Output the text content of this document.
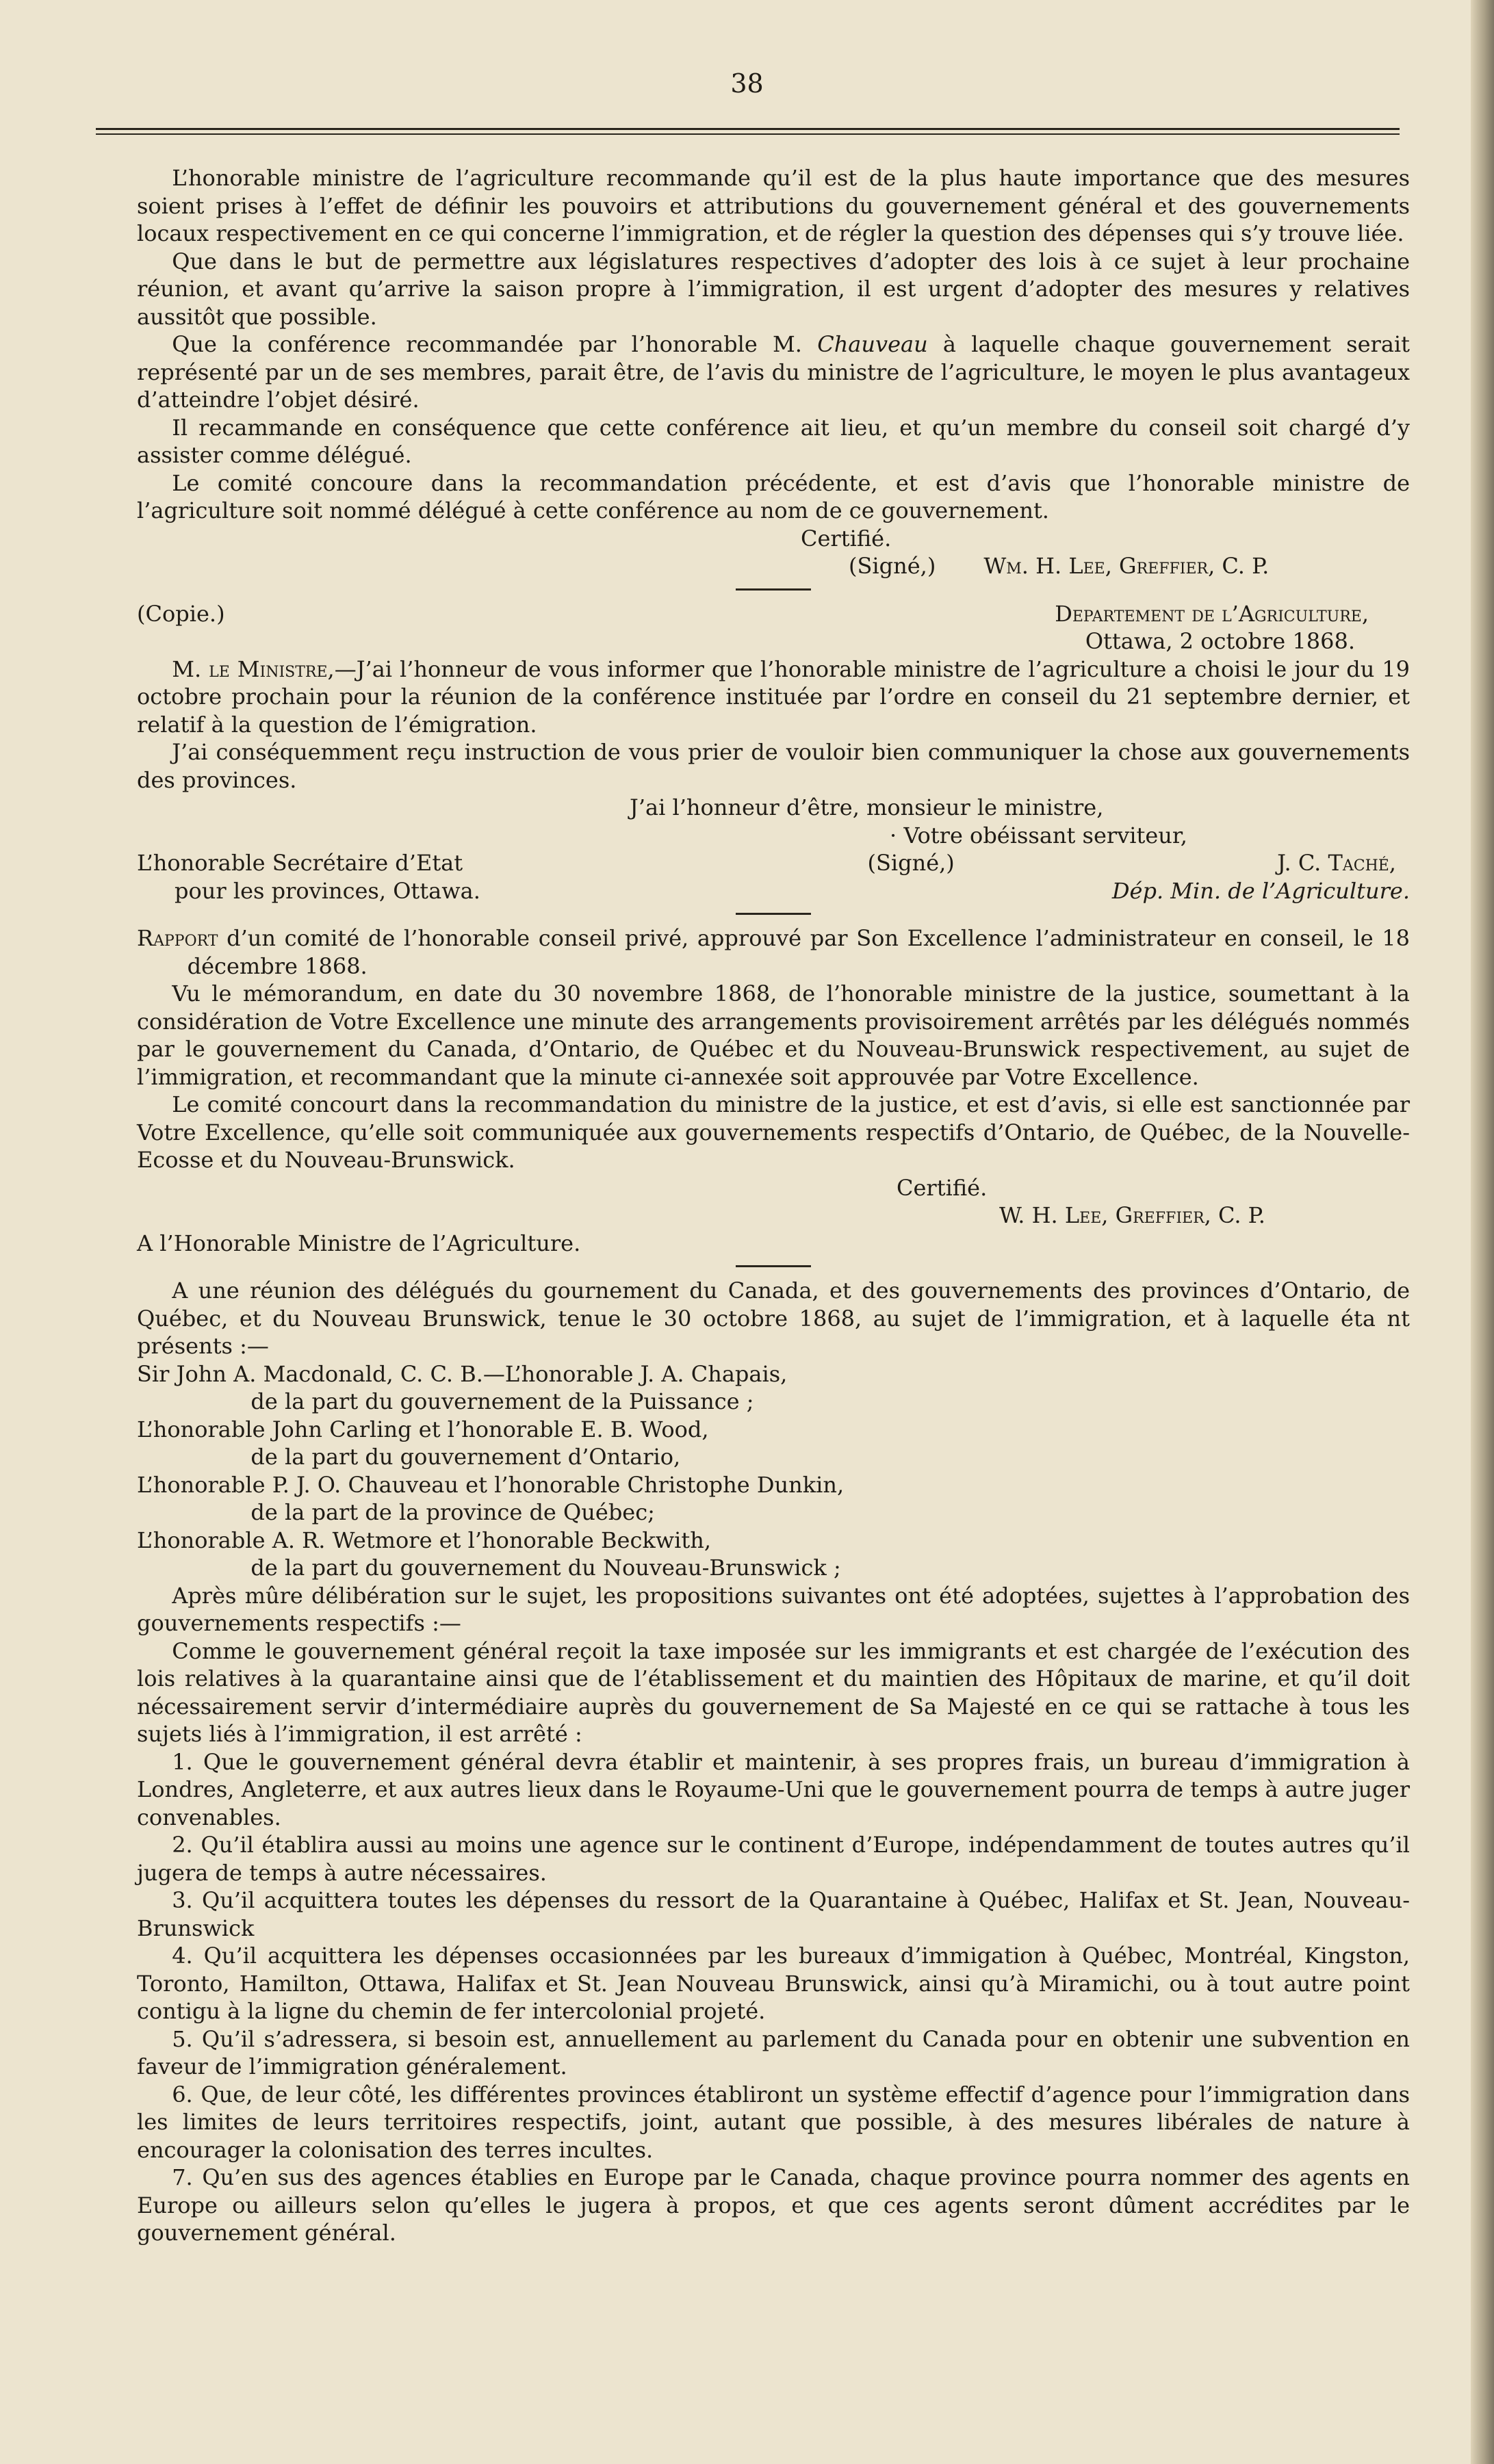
38

L’honorable ministre de l’agriculture recommande qu’il est de la plus haute importance que des mesures soient prises à l’effet de définir les pouvoirs et attributions du gouvernement général et des gouvernements locaux respectivement en ce qui concerne l’immigration, et de régler la question des dépenses qui s’y trouve liée.

Que dans le but de permettre aux législatures respectives d’adopter des lois à ce sujet à leur prochaine réunion, et avant qu’arrive la saison propre à l’immigration, il est urgent d’adopter des mesures y relatives aussitôt que possible.

Que la conférence recommandée par l’honorable M. Chauveau à laquelle chaque gouvernement serait représenté par un de ses membres, parait être, de l’avis du ministre de l’agriculture, le moyen le plus avantageux d’atteindre l’objet désiré.

Il recammande en conséquence que cette conférence ait lieu, et qu’un membre du conseil soit chargé d’y assister comme délégué.

Le comité concoure dans la recommandation précédente, et est d’avis que l’honorable ministre de l’agriculture soit nommé délégué à cette conférence au nom de ce gouvernement.

Certifié.

(Signé,) Wm. H. Lee, Greffier, C. P.

(Copie.)	Departement de l’Agriculture,

Ottawa, 2 octobre 1868.

M. le Ministre,—J’ai l’honneur de vous informer que l’honorable ministre de l’agriculture a choisi le jour du 19 octobre prochain pour la réunion de la conférence instituée par l’ordre en conseil du 21 septembre dernier, et relatif à la question de l’émigration.

J’ai conséquemment reçu instruction de vous prier de vouloir bien communiquer la chose aux gouvernements des provinces.

J’ai l’honneur d’être, monsieur le ministre,

· Votre obéissant serviteur,

L’honorable Secrétaire d’Etat	(Signé,)	J. C. Taché,
pour les provinces, Ottawa.	Dép. Min. de l’Agriculture.

Rapport d’un comité de l’honorable conseil privé, approuvé par Son Excellence l’administrateur en conseil, le 18 décembre 1868.

Vu le mémorandum, en date du 30 novembre 1868, de l’honorable ministre de la justice, soumettant à la considération de Votre Excellence une minute des arrangements provisoirement arrêtés par les délégués nommés par le gouvernement du Canada, d’Ontario, de Québec et du Nouveau-Brunswick respectivement, au sujet de l’immigration, et recommandant que la minute ci-annexée soit approuvée par Votre Excellence.

Le comité concourt dans la recommandation du ministre de la justice, et est d’avis, si elle est sanctionnée par Votre Excellence, qu’elle soit communiquée aux gouvernements respectifs d’Ontario, de Québec, de la Nouvelle-Ecosse et du Nouveau-Brunswick.

Certifié.

W. H. Lee, Greffier, C. P.

A l’Honorable Ministre de l’Agriculture.

A une réunion des délégués du gournement du Canada, et des gouvernements des provinces d’Ontario, de Québec, et du Nouveau Brunswick, tenue le 30 octobre 1868, au sujet de l’immigration, et à laquelle éta nt présents :—

Sir John A. Macdonald, C. C. B.—L’honorable J. A. Chapais,

de la part du gouvernement de la Puissance ;

L’honorable John Carling et l’honorable E. B. Wood,

de la part du gouvernement d’Ontario,

L’honorable P. J. O. Chauveau et l’honorable Christophe Dunkin,

de la part de la province de Québec;

L’honorable A. R. Wetmore et l’honorable Beckwith,

de la part du gouvernement du Nouveau-Brunswick ;

Après mûre délibération sur le sujet, les propositions suivantes ont été adoptées, sujettes à l’approbation des gouvernements respectifs :—

Comme le gouvernement général reçoit la taxe imposée sur les immigrants et est chargée de l’exécution des lois relatives à la quarantaine ainsi que de l’établissement et du maintien des Hôpitaux de marine, et qu’il doit nécessairement servir d’intermédiaire auprès du gouvernement de Sa Majesté en ce qui se rattache à tous les sujets liés à l’immigration, il est arrêté :

1. Que le gouvernement général devra établir et maintenir, à ses propres frais, un bureau d’immigration à Londres, Angleterre, et aux autres lieux dans le Royaume-Uni que le gouvernement pourra de temps à autre juger convenables.

2. Qu’il établira aussi au moins une agence sur le continent d’Europe, indépendamment de toutes autres qu’il jugera de temps à autre nécessaires.

3. Qu’il acquittera toutes les dépenses du ressort de la Quarantaine à Québec, Halifax et St. Jean, Nouveau-Brunswick

4. Qu’il acquittera les dépenses occasionnées par les bureaux d’immigation à Québec, Montréal, Kingston, Toronto, Hamilton, Ottawa, Halifax et St. Jean Nouveau Brunswick, ainsi qu’à Miramichi, ou à tout autre point contigu à la ligne du chemin de fer intercolonial projeté.

5. Qu’il s’adressera, si besoin est, annuellement au parlement du Canada pour en obtenir une subvention en faveur de l’immigration généralement.

6. Que, de leur côté, les différentes provinces établiront un système effectif d’agence pour l’immigration dans les limites de leurs territoires respectifs, joint, autant que possible, à des mesures libérales de nature à encourager la colonisation des terres incultes.

7. Qu’en sus des agences établies en Europe par le Canada, chaque province pourra nommer des agents en Europe ou ailleurs selon qu’elles le jugera à propos, et que ces agents seront dûment accrédites par le gouvernement général.
